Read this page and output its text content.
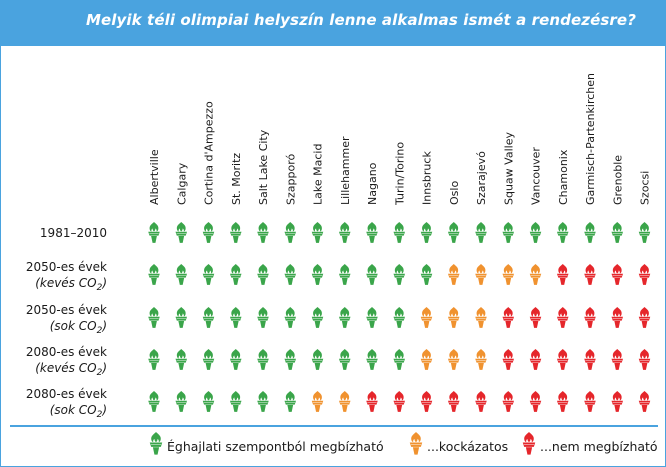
Melyik téli olimpiai helyszín lenne alkalmas ismét a rendezésre?
Albertville Calgary Cortina d'Ampezzo St. Moritz Salt Lake City Szapporó Lake Macid Lillehammer Nagano Turin/Torino Innsbruck Oslo Szarajevó Squaw Valley Vancouver Chamonix Garmisch-Partenkirchen Grenoble Szocsi
1981–2010
2050-es évek
(kevés $CO_2$)
2050-es évek
(sok $CO_2$)
2080-es évek
(kevés $CO_2$)
2080-es évek
(sok $CO_2$)
Éghajlati szempontból megbízható	...kockázatos	...nem megbízható
